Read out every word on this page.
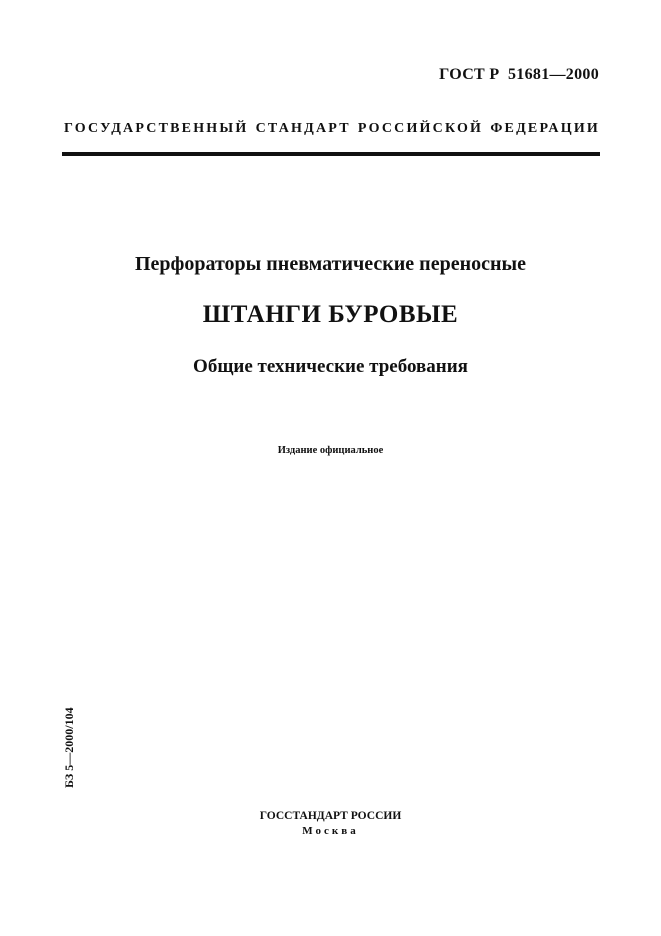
ГОСТ Р  51681—2000
ГОСУДАРСТВЕННЫЙ СТАНДАРТ РОССИЙСКОЙ ФЕДЕРАЦИИ
Перфораторы пневматические переносные
ШТАНГИ БУРОВЫЕ
Общие технические требования
Издание официальное
БЗ 5—2000/104
ГОССТАНДАРТ РОССИИ
Москва
